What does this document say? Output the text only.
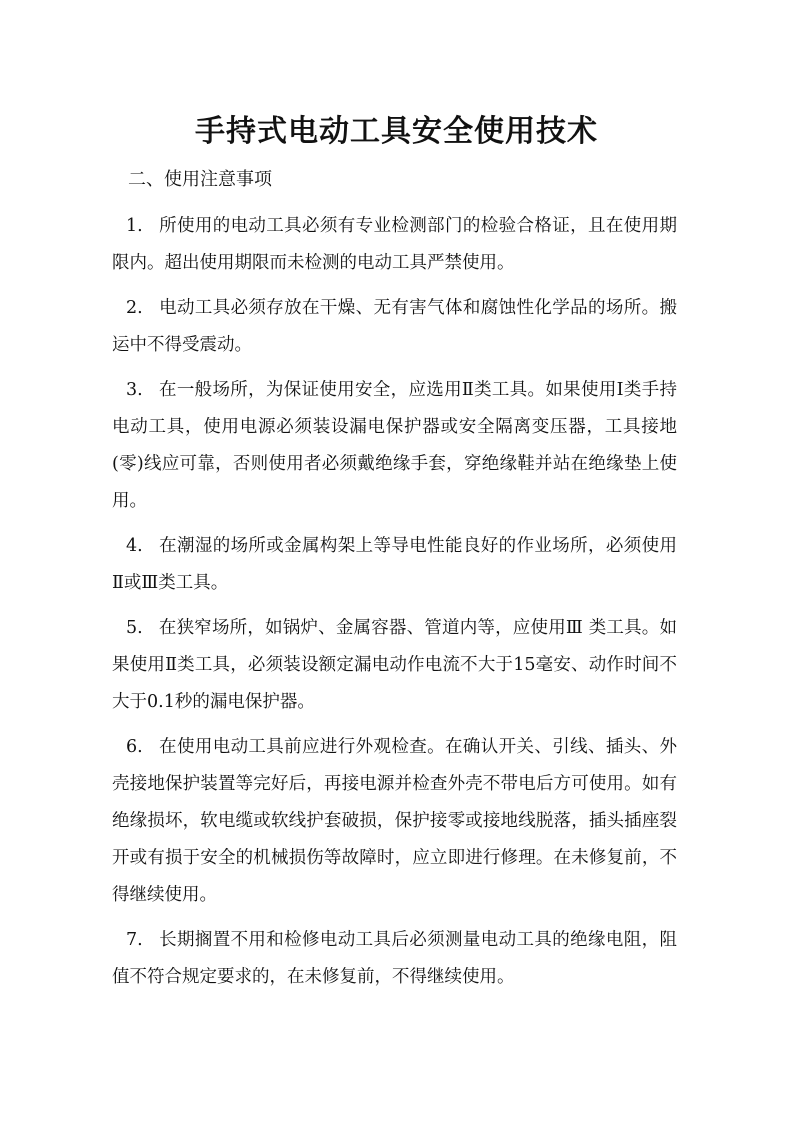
手持式电动工具安全使用技术

二、使用注意事项

1. 所使用的电动工具必须有专业检测部门的检验合格证，且在使用期限内。超出使用期限而未检测的电动工具严禁使用。
2. 电动工具必须存放在干燥、无有害气体和腐蚀性化学品的场所。搬运中不得受震动。
3. 在一般场所，为保证使用安全，应选用Ⅱ类工具。如果使用Ⅰ类手持电动工具，使用电源必须装设漏电保护器或安全隔离变压器，工具接地(零)线应可靠，否则使用者必须戴绝缘手套，穿绝缘鞋并站在绝缘垫上使用。
4. 在潮湿的场所或金属构架上等导电性能良好的作业场所，必须使用Ⅱ或Ⅲ类工具。
5. 在狭窄场所，如锅炉、金属容器、管道内等，应使用Ⅲ 类工具。如果使用Ⅱ类工具，必须装设额定漏电动作电流不大于15毫安、动作时间不大于0.1秒的漏电保护器。
6. 在使用电动工具前应进行外观检查。在确认开关、引线、插头、外壳接地保护装置等完好后，再接电源并检查外壳不带电后方可使用。如有绝缘损坏，软电缆或软线护套破损，保护接零或接地线脱落，插头插座裂开或有损于安全的机械损伤等故障时，应立即进行修理。在未修复前，不得继续使用。
7. 长期搁置不用和检修电动工具后必须测量电动工具的绝缘电阻，阻值不符合规定要求的，在未修复前，不得继续使用。
